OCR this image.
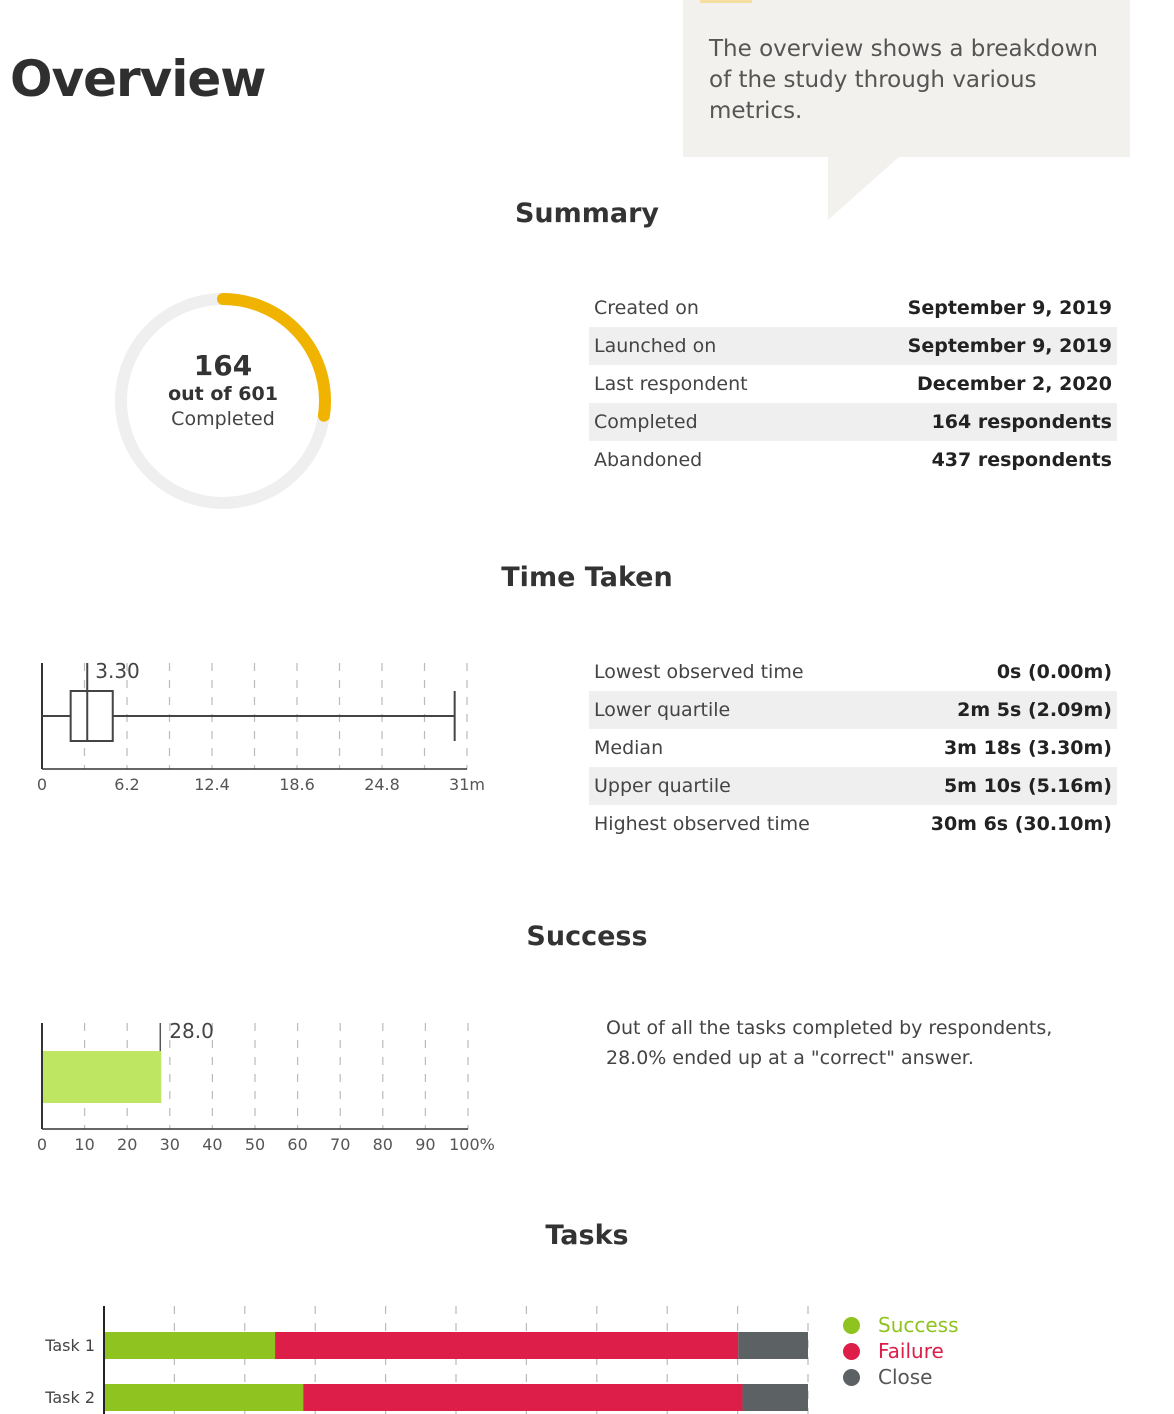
Overview
The overview shows a breakdown of the study through various metrics.
Summary
164
out of 601
Completed
Created on	September 9, 2019
Launched on	September 9, 2019
Last respondent	December 2, 2020
Completed	164 respondents
Abandoned	437 respondents
Time Taken
3.30
0	6.2	12.4	18.6	24.8	31m
Lowest observed time	0s (0.00m)
Lower quartile	2m 5s (2.09m)
Median	3m 18s (3.30m)
Upper quartile	5m 10s (5.16m)
Highest observed time	30m 6s (30.10m)
Success
28.0
0 10 20 30 40 50 60 70 80 90 100%
Out of all the tasks completed by respondents, 28.0% ended up at a "correct" answer.
Tasks
Task 1
Task 2
Success
Failure
Close
